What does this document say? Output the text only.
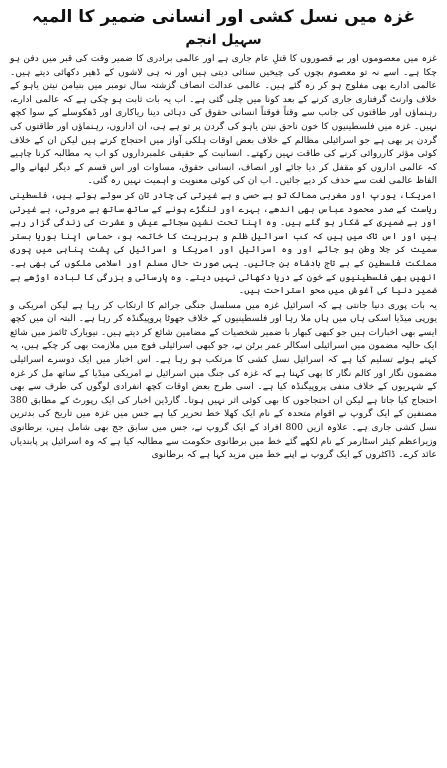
غزہ میں نسل کشی اور انسانی ضمیر کا المیہ
سہیل انجم

غزہ میں معصوموں اور بے قصوروں کا قتلِ عام جاری ہے اور عالمی برادری کا ضمیر وقت کی قبر میں دفن ہو چکا ہے۔ اسے نہ تو معصوم بچوں کی چیخیں سنائی دیتی ہیں اور نہ ہی لاشوں کے ڈھیر دکھائی دیتے ہیں۔ عالمی ادارے بھی مفلوج ہو کر رہ گئے ہیں۔ عالمی عدالت انصاف گزشتہ سال نومبر میں بنیامن نیتن یاہو کے خلاف وارنٹ گرفتاری جاری کرنے کے بعد کونا میں چلی گئی ہے۔ اب یہ بات ثابت ہو چکی ہے کہ عالمی ادارے، رہنماؤں اور طاقتوں کی جانب سے وقتاً فوقتاً انسانی حقوق کی دہائی دینا ریاکاری اور ڈھکوسلے کے سوا کچھ نہیں۔ غزہ میں فلسطینیوں کا خون ناحق نیتن یاہو کی گردن پر تو ہے ہی، ان اداروں، رہنماؤں اور طاقتوں کی گردن پر بھی ہے جو اسرائیلی مظالم کے خلاف بعض اوقات ہلکی آواز میں احتجاج کرتے ہیں لیکن ان کے خلاف کوئی مؤثر کارروائی کرنے کی طاقت نہیں رکھتے۔ انسانیت کے حقیقی علمبرداروں کو اب یہ مطالبہ کرنا چاہیے کہ عالمی اداروں کو مقفل کر دیا جائے اور انصاف، انسانی حقوق، مساوات اور اس قسم کے دیگر لبھانے والے الفاظ عالمی لغت سے حذف کر دیے جائیں۔ اب ان کی کوئی معنویت و اہمیت نہیں رہ گئی۔

امریکا، یورپ اور مغربی ممالک تو بے حسی و بے غیرتی کی چادر تان کر سوئے ہوئے ہیں، فلسطینی ریاست کے صدر محمود عباس بھی اندھے، بہرے اور لنگڑے ہونے کے ساتھ ساتھ بے مروتی، بے غیرتی اور بے ضمیری کے شکار ہو گئے ہیں۔ وہ اپنا تحت نشین سجائے عیش و عشرت کی زندگی گزار رہے ہیں اور اس تاک میں ہیں کہ کب اسرائیل ظلم و بربریت کا خاتمہ ہو، حماس اپنا بوریا بستر سمیت کر جلا وطن ہو جائے اور وہ اسرائیل اور امریکا و اسرائیل کی پشت پناہی میں پوری مملکت فلسطین کے بے تاج بادشاہ بن جائیں۔ یہی صورت حال مسلم اور اسلامی ملکوں کی بھی ہے۔ انھیں بھی فلسطینیوں کے خون کے دریا دکھائی نہیں دیتے۔ وہ پارسائی و بزرگی کا لبادہ اوڑھے بے ضمیر دنیا کی آغوش میں محو استراحت ہیں۔

یہ بات پوری دنیا جانتی ہے کہ اسرائیل غزہ میں مسلسل جنگی جرائم کا ارتکاب کر رہا ہے لیکن امریکی و یورپی میڈیا اسکی ہاں میں ہاں ملا رہا اور فلسطینیوں کے خلاف جھوٹا پروپیگنڈہ کر رہا ہے۔ البتہ ان میں کچھ ایسے بھی اخبارات ہیں جو کبھی کبھار با ضمیر شخصیات کے مضامین شائع کر دیتے ہیں۔ نیویارک ٹائمز میں شائع ایک حالیہ مضمون میں اسرائیلی اسکالر عمر برٹن نے، جو کبھی اسرائیلی فوج میں ملازمت بھی کر چکے ہیں، یہ کہتے ہوئے تسلیم کیا ہے کہ اسرائیل نسل کشی کا مرتکب ہو رہا ہے۔ اس اخبار میں ایک دوسرے اسرائیلی مضمون نگار اور کالم نگار کا بھی کہنا ہے کہ غزہ کی جنگ میں اسرائیل نے امریکی میڈیا کے ساتھ مل کر غزہ کے شہریوں کے خلاف منفی پروپیگنڈہ کیا ہے۔ اسی طرح بعض اوقات کچھ انفرادی لوگوں کی طرف سے بھی احتجاج کیا جاتا ہے لیکن ان احتجاجوں کا بھی کوئی اثر نہیں ہوتا۔ گارڈین اخبار کی ایک رپورٹ کے مطابق 380 مصنفین کے ایک گروپ نے اقوام متحدہ کے نام ایک کھلا خط تحریر کیا ہے جس میں غزہ میں تاریخ کی بدترین نسل کشی جاری ہے۔ علاوہ ازیں 800 افراد کے ایک گروپ نے، جس میں سابق جج بھی شامل ہیں، برطانوی وزیراعظم کیئر اسٹارمر کے نام لکھے گئے خط میں برطانوی حکومت سے مطالبہ کیا ہے کہ وہ اسرائیل پر پابندیاں عائد کرے۔ ڈاکٹروں کے ایک گروپ نے اپنے خط میں مزید کہا ہے کہ برطانوی
